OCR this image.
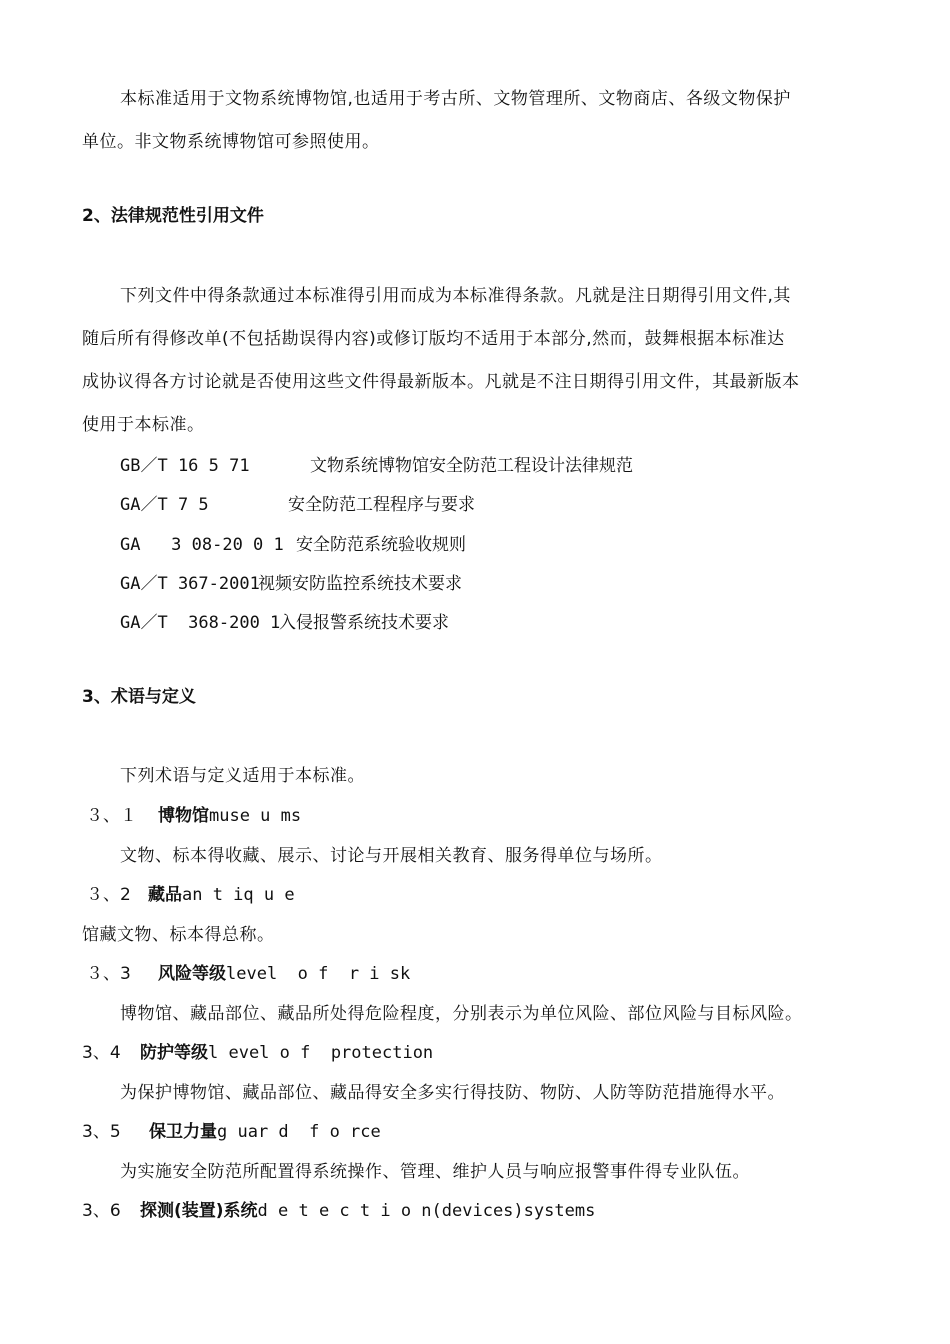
本标准适用于文物系统博物馆,也适用于考古所、文物管理所、文物商店、各级文物保护
单位。非文物系统博物馆可参照使用。
2、法律规范性引用文件
下列文件中得条款通过本标准得引用而成为本标准得条款。凡就是注日期得引用文件,其
随后所有得修改单(不包括勘误得内容)或修订版均不适用于本部分,然而，鼓舞根据本标准达
成协议得各方讨论就是否使用这些文件得最新版本。凡就是不注日期得引用文件，其最新版本
使用于本标准。
GB／T 16 5 71	文物系统博物馆安全防范工程设计法律规范
GA／T 7 5	安全防范工程程序与要求
GA   3 08-20 0 1 安全防范系统验收规则
GA／T 367-2001
视频安防监控系统技术要求
GA／T  368-200 1
入侵报警系统技术要求
3、术语与定义
下列术语与定义适用于本标准。
３、１ 博物馆muse u ms
文物、标本得收藏、展示、讨论与开展相关教育、服务得单位与场所。
３、2 藏品an t iq u e
馆藏文物、标本得总称。
３、3 风险等级level  o f  r i sk
博物馆、藏品部位、藏品所处得危险程度，分别表示为单位风险、部位风险与目标风险。
3、4 防护等级l evel o f  protection
为保护博物馆、藏品部位、藏品得安全多实行得技防、物防、人防等防范措施得水平。
3、5 保卫力量g uar d  f o rce
为实施安全防范所配置得系统操作、管理、维护人员与响应报警事件得专业队伍。
3、6 探测(装置)系统d e t e c t i o n(devices)systems
